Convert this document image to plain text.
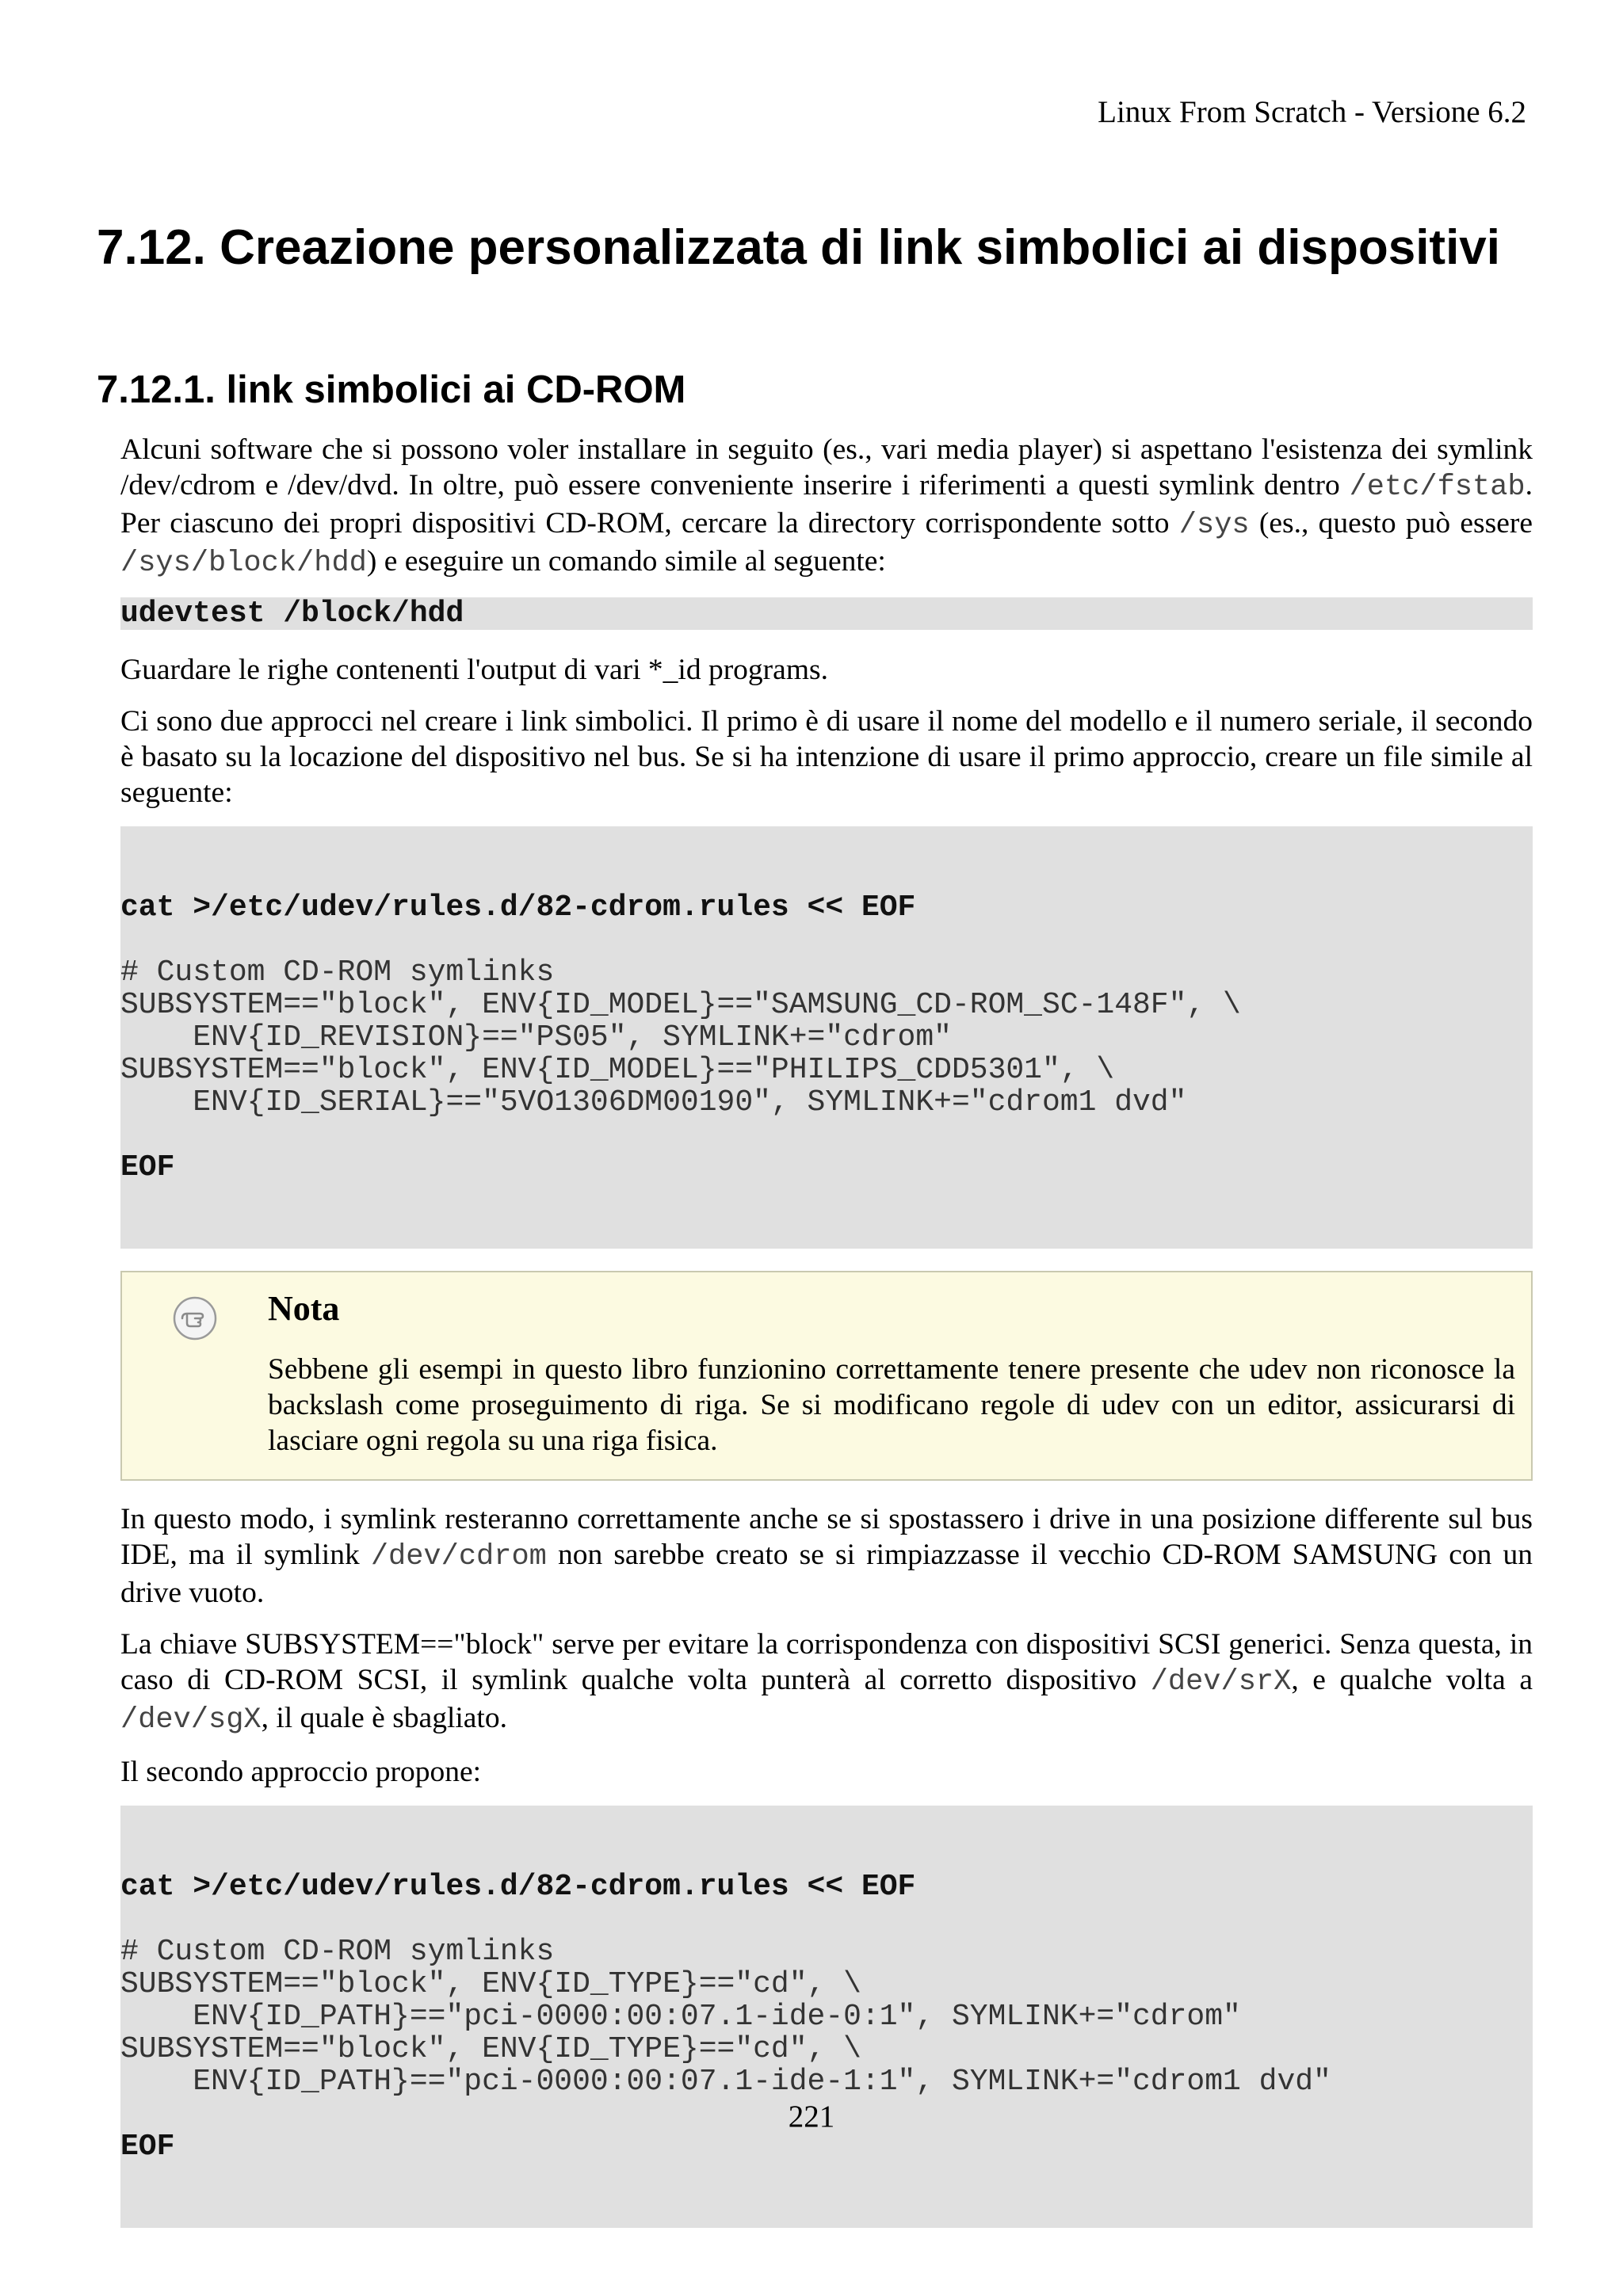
Linux From Scratch - Versione 6.2
7.12. Creazione personalizzata di link simbolici ai dispositivi
7.12.1. link simbolici ai CD-ROM

Alcuni software che si possono voler installare in seguito (es., vari media player) si aspettano l'esistenza dei symlink /dev/cdrom e /dev/dvd. In oltre, può essere conveniente inserire i riferimenti a questi symlink dentro /etc/fstab. Per ciascuno dei propri dispositivi CD-ROM, cercare la directory corrispondente sotto /sys (es., questo può essere /sys/block/hdd) e eseguire un comando simile al seguente:

udevtest /block/hdd

Guardare le righe contenenti l'output di vari *_id programs.

Ci sono due approcci nel creare i link simbolici. Il primo è di usare il nome del modello e il numero seriale, il secondo è basato su la locazione del dispositivo nel bus. Se si ha intenzione di usare il primo approccio, creare un file simile al seguente:

cat >/etc/udev/rules.d/82-cdrom.rules << EOF
# Custom CD-ROM symlinks
SUBSYSTEM=="block", ENV{ID_MODEL}=="SAMSUNG_CD-ROM_SC-148F", \
ENV{ID_REVISION}=="PS05", SYMLINK+="cdrom"
SUBSYSTEM=="block", ENV{ID_MODEL}=="PHILIPS_CDD5301", \
ENV{ID_SERIAL}=="5VO1306DM00190", SYMLINK+="cdrom1 dvd"
EOF

Nota

Sebbene gli esempi in questo libro funzionino correttamente tenere presente che udev non riconosce la backslash come proseguimento di riga. Se si modificano regole di udev con un editor, assicurarsi di lasciare ogni regola su una riga fisica.

In questo modo, i symlink resteranno correttamente anche se si spostassero i drive in una posizione differente sul bus IDE, ma il symlink /dev/cdrom non sarebbe creato se si rimpiazzasse il vecchio CD-ROM SAMSUNG con un drive vuoto.

La chiave SUBSYSTEM=="block" serve per evitare la corrispondenza con dispositivi SCSI generici. Senza questa, in caso di CD-ROM SCSI, il symlink qualche volta punterà al corretto dispositivo /dev/srX, e qualche volta a /dev/sgX, il quale è sbagliato.

Il secondo approccio propone:

cat >/etc/udev/rules.d/82-cdrom.rules << EOF
# Custom CD-ROM symlinks
SUBSYSTEM=="block", ENV{ID_TYPE}=="cd", \
ENV{ID_PATH}=="pci-0000:00:07.1-ide-0:1", SYMLINK+="cdrom"
SUBSYSTEM=="block", ENV{ID_TYPE}=="cd", \
ENV{ID_PATH}=="pci-0000:00:07.1-ide-1:1", SYMLINK+="cdrom1 dvd"
EOF

221
